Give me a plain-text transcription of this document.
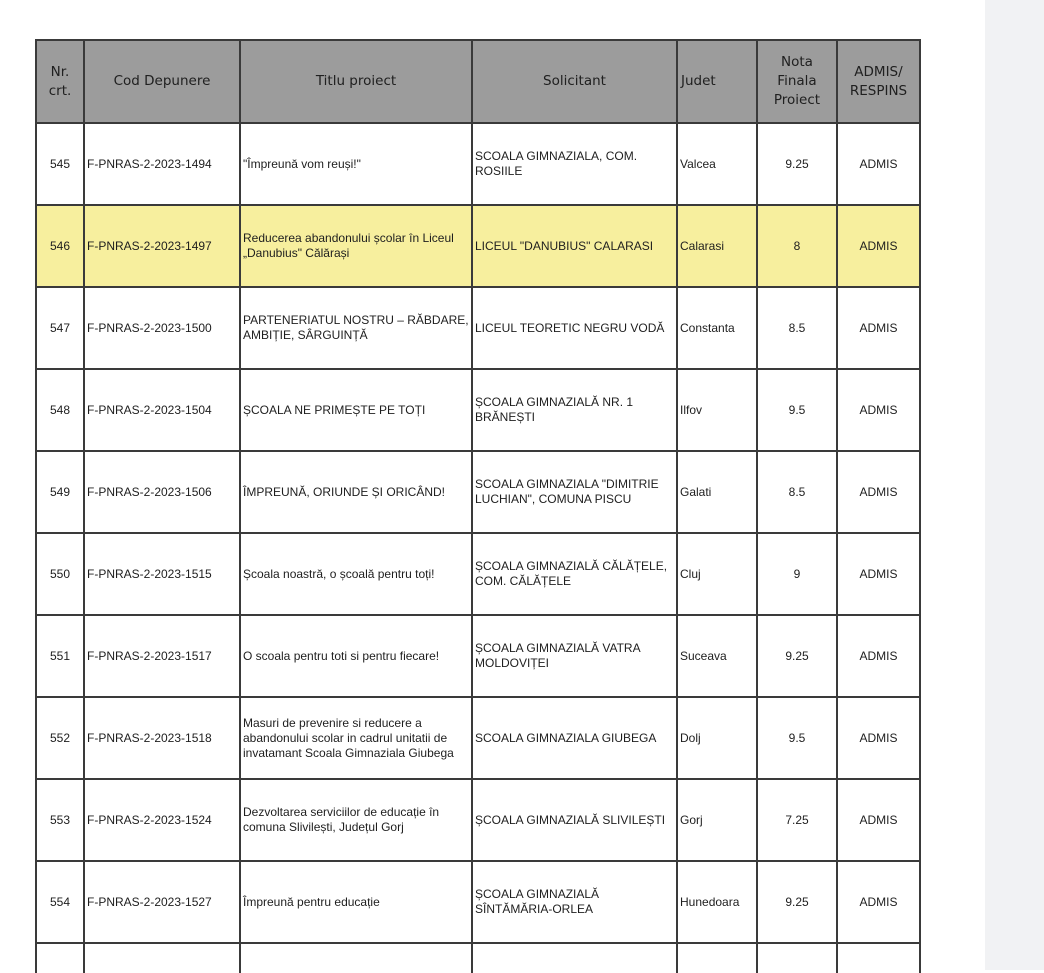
Nr. crt.	Cod Depunere	Titlu proiect	Solicitant	Judet	Nota Finala Proiect	ADMIS/ RESPINS
545	F-PNRAS-2-2023-1494	"Împreună vom reuși!"	SCOALA GIMNAZIALA, COM. ROSIILE	Valcea	9.25	ADMIS
546	F-PNRAS-2-2023-1497	Reducerea abandonului școlar în Liceul „Danubius" Călărași	LICEUL "DANUBIUS" CALARASI	Calarasi	8	ADMIS
547	F-PNRAS-2-2023-1500	PARTENERIATUL NOSTRU – RĂBDARE, AMBIȚIE, SÂRGUINȚĂ	LICEUL TEORETIC NEGRU VODĂ	Constanta	8.5	ADMIS
548	F-PNRAS-2-2023-1504	ȘCOALA NE PRIMEȘTE PE TOȚI	ȘCOALA GIMNAZIALĂ NR. 1 BRĂNEȘTI	Ilfov	9.5	ADMIS
549	F-PNRAS-2-2023-1506	ÎMPREUNĂ, ORIUNDE ȘI ORICÂND!	SCOALA GIMNAZIALA "DIMITRIE LUCHIAN", COMUNA PISCU	Galati	8.5	ADMIS
550	F-PNRAS-2-2023-1515	Școala noastră, o școală pentru toți!	ȘCOALA GIMNAZIALĂ CĂLĂȚELE, COM. CĂLĂȚELE	Cluj	9	ADMIS
551	F-PNRAS-2-2023-1517	O scoala pentru toti si pentru fiecare!	ȘCOALA GIMNAZIALĂ VATRA MOLDOVIȚEI	Suceava	9.25	ADMIS
552	F-PNRAS-2-2023-1518	Masuri de prevenire si reducere a abandonului scolar in cadrul unitatii de invatamant Scoala Gimnaziala Giubega	SCOALA GIMNAZIALA GIUBEGA	Dolj	9.5	ADMIS
553	F-PNRAS-2-2023-1524	Dezvoltarea serviciilor de educație în comuna Slivilești, Județul Gorj	ȘCOALA GIMNAZIALĂ SLIVILEȘTI	Gorj	7.25	ADMIS
554	F-PNRAS-2-2023-1527	Împreună pentru educație	ȘCOALA GIMNAZIALĂ SÎNTĂMĂRIA-ORLEA	Hunedoara	9.25	ADMIS
